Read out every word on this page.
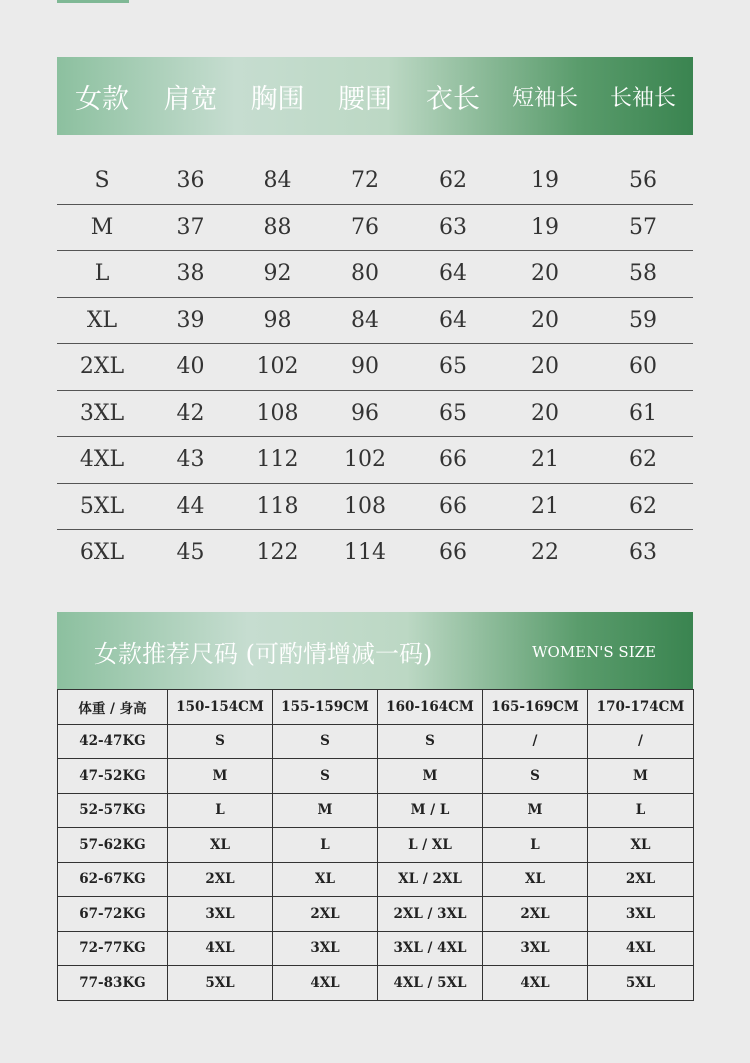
女款	肩宽	胸围	腰围	衣长	短袖长	长袖长
S	36	84	72	62	19	56
M	37	88	76	63	19	57
L	38	92	80	64	20	58
XL	39	98	84	64	20	59
2XL	40	102	90	65	20	60
3XL	42	108	96	65	20	61
4XL	43	112	102	66	21	62
5XL	44	118	108	66	21	62
6XL	45	122	114	66	22	63
女款推荐尺码 (可酌情增减一码)	WOMEN'S SIZE
体重 / 身高	150-154CM	155-159CM	160-164CM	165-169CM	170-174CM
42-47KG	S	S	S	/	/
47-52KG	M	S	M	S	M
52-57KG	L	M	M / L	M	L
57-62KG	XL	L	L / XL	L	XL
62-67KG	2XL	XL	XL / 2XL	XL	2XL
67-72KG	3XL	2XL	2XL / 3XL	2XL	3XL
72-77KG	4XL	3XL	3XL / 4XL	3XL	4XL
77-83KG	5XL	4XL	4XL / 5XL	4XL	5XL
